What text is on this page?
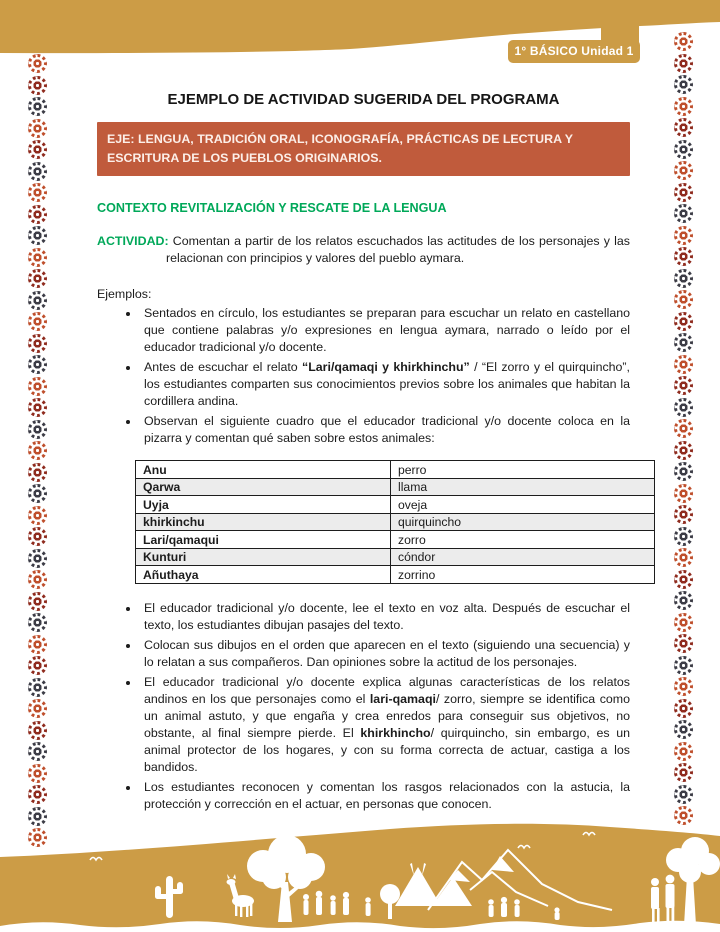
1° BÁSICO Unidad 1
EJEMPLO DE ACTIVIDAD SUGERIDA DEL PROGRAMA
EJE: LENGUA, TRADICIÓN ORAL, ICONOGRAFÍA, PRÁCTICAS DE LECTURA Y ESCRITURA DE LOS PUEBLOS ORIGINARIOS.
CONTEXTO REVITALIZACIÓN Y RESCATE DE LA LENGUA

ACTIVIDAD: Comentan a partir de los relatos escuchados las actitudes de los personajes y las relacionan con principios y valores del pueblo aymara.

Ejemplos:
• Sentados en círculo, los estudiantes se preparan para escuchar un relato en castellano que contiene palabras y/o expresiones en lengua aymara, narrado o leído por el educador tradicional y/o docente.
• Antes de escuchar el relato “Lari/qamaqi y khirkhinchu” / “El zorro y el quirquincho”, los estudiantes comparten sus conocimientos previos sobre los animales que habitan la cordillera andina.
• Observan el siguiente cuadro que el educador tradicional y/o docente coloca en la pizarra y comentan qué saben sobre estos animales:
Anu	perro
Qarwa	llama
Uyja	oveja
khirkinchu	quirquincho
Lari/qamaqui	zorro
Kunturi	cóndor
Añuthaya	zorrino
• El educador tradicional y/o docente, lee el texto en voz alta. Después de escuchar el texto, los estudiantes dibujan pasajes del texto.
• Colocan sus dibujos en el orden que aparecen en el texto (siguiendo una secuencia) y lo relatan a sus compañeros. Dan opiniones sobre la actitud de los personajes.
• El educador tradicional y/o docente explica algunas características de los relatos andinos en los que personajes como el lari-qamaqi/ zorro, siempre se identifica como un animal astuto, y que engaña y crea enredos para conseguir sus objetivos, no obstante, al final siempre pierde. El khirkhincho/ quirquincho, sin embargo, es un animal protector de los hogares, y con su forma correcta de actuar, castiga a los bandidos.
• Los estudiantes reconocen y comentan los rasgos relacionados con la astucia, la protección y corrección en el actuar, en personas que conocen.
